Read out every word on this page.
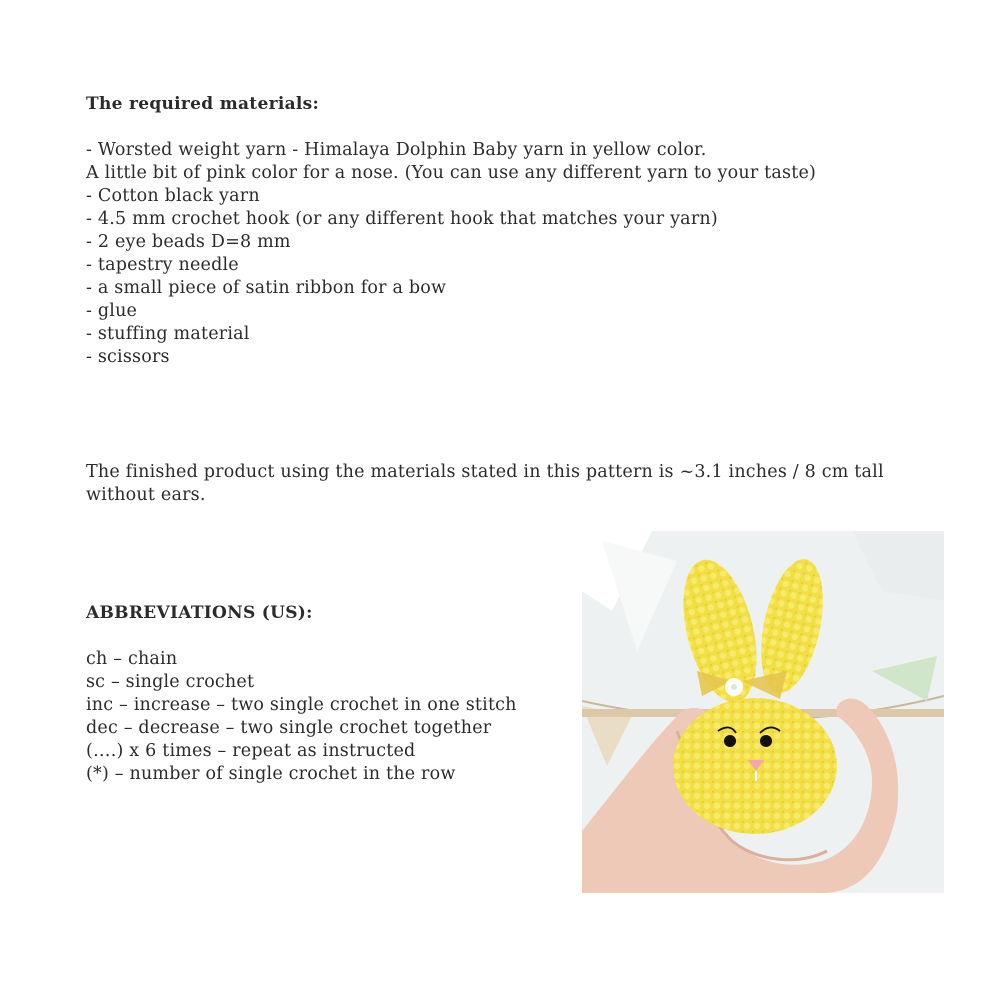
The required materials:
- Worsted weight yarn - Himalaya Dolphin Baby yarn in yellow color.
A little bit of pink color for a nose. (You can use any different yarn to your taste)
- Cotton black yarn
- 4.5 mm crochet hook (or any different hook that matches your yarn)
- 2 eye beads D=8 mm
- tapestry needle
- a small piece of satin ribbon for a bow
- glue
- stuffing material
- scissors
The finished product using the materials stated in this pattern is ~3.1 inches / 8 cm tall without ears.
ABBREVIATIONS (US):
ch – chain
sc – single crochet
inc – increase – two single crochet in one stitch
dec – decrease – two single crochet together
(….) x 6 times – repeat as instructed
(*) – number of single crochet in the row
